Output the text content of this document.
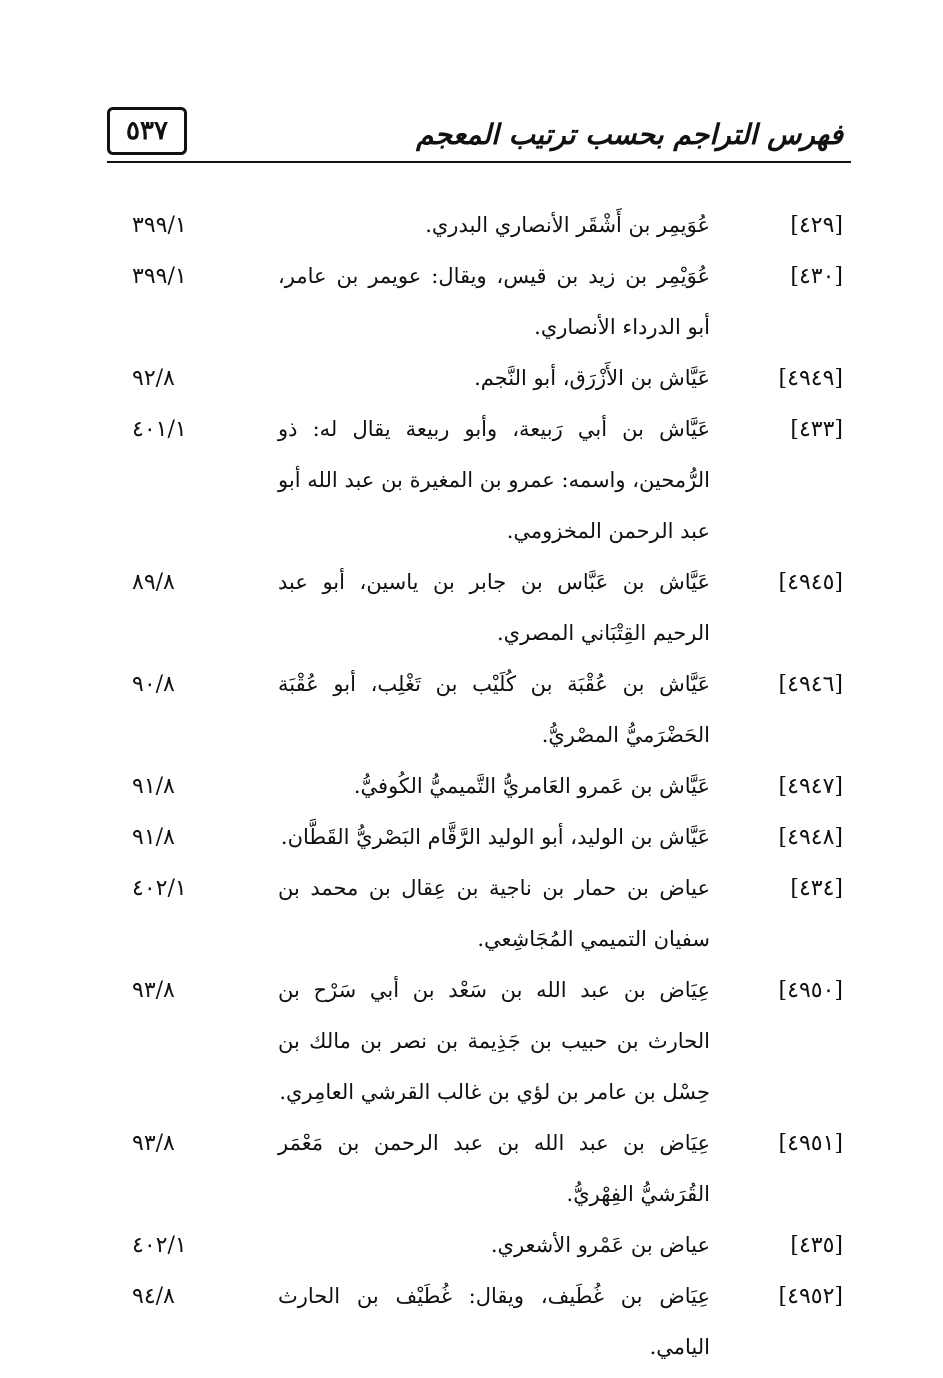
٥٣٧	فهرس التراجم بحسب ترتيب المعجم
[٤٢٩]
عُوَيمِر بن أَشْقَر الأنصاري البدري.
٣٩٩/١
[٤٣٠]
عُوَيْمِر بن زيد بن قيس، ويقال: عويمر بن عامر، أبو الدرداء الأنصاري.
٣٩٩/١
[٤٩٤٩]
عَيَّاش بن الأَزْرَق، أبو النَّجم.
٩٢/٨
[٤٣٣]
عَيَّاش بن أبي رَبيعة، وأبو ربيعة يقال له: ذو الرُّمحين، واسمه: عمرو بن المغيرة بن عبد الله أبو عبد الرحمن المخزومي.
٤٠١/١
[٤٩٤٥]
عَيَّاش بن عَبَّاس بن جابر بن ياسين، أبو عبد الرحيم القِتْبَاني المصري.
٨٩/٨
[٤٩٤٦]
عَيَّاش بن عُقْبَة بن كُلَيْب بن تَغْلِب، أبو عُقْبَة الحَضْرَميُّ المصْريُّ.
٩٠/٨
[٤٩٤٧]
عَيَّاش بن عَمرو العَامريُّ التَّميميُّ الكُوفيُّ.
٩١/٨
[٤٩٤٨]
عَيَّاش بن الوليد، أبو الوليد الرَّقَّام البَصْريُّ القَطَّان.
٩١/٨
[٤٣٤]
عياض بن حمار بن ناجية بن عِقال بن محمد بن سفيان التميمي المُجَاشِعي.
٤٠٢/١
[٤٩٥٠]
عِيَاض بن عبد الله بن سَعْد بن أبي سَرْح بن الحارث بن حبيب بن جَذِيمة بن نصر بن مالك بن حِسْل بن عامر بن لؤي بن غالب القرشي العامِري.
٩٣/٨
[٤٩٥١]
عِيَاض بن عبد الله بن عبد الرحمن بن مَعْمَر القُرَشيُّ الفِهْريُّ.
٩٣/٨
[٤٣٥]
عياض بن عَمْرو الأشعري.
٤٠٢/١
[٤٩٥٢]
عِيَاض بن غُطَيف، ويقال: غُطَيْف بن الحارث اليامي.
٩٤/٨
